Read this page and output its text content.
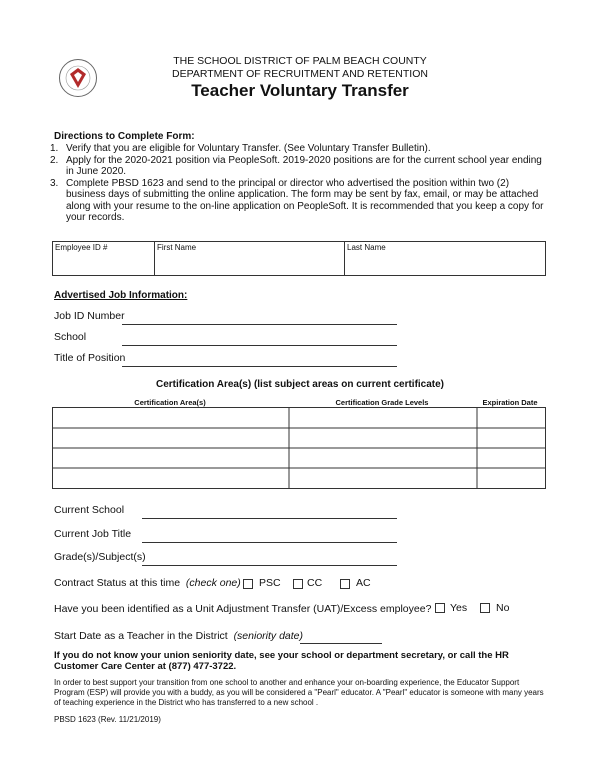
THE SCHOOL DISTRICT OF PALM BEACH COUNTY
DEPARTMENT OF RECRUITMENT AND RETENTION
Teacher Voluntary Transfer
Directions to Complete Form:
1. Verify that you are eligible for Voluntary Transfer. (See Voluntary Transfer Bulletin).
2. Apply for the 2020-2021 position via PeopleSoft. 2019-2020 positions are for the current school year ending in June 2020.
3. Complete PBSD 1623 and send to the principal or director who advertised the position within two (2) business days of submitting the online application. The form may be sent by fax, email, or may be attached along with your resume to the on-line application on PeopleSoft. It is recommended that you keep a copy for your records.
Employee ID #	First Name	Last Name
Advertised Job Information:
Job ID Number
School
Title of Position
Certification Area(s) (list subject areas on current certificate)
Certification Area(s)	Certification Grade Levels	Expiration Date
Current School
Current Job Title
Grade(s)/Subject(s)
Contract Status at this time (check one) PSC	CC	AC
Have you been identified as a Unit Adjustment Transfer (UAT)/Excess employee? Yes	No
Start Date as a Teacher in the District (seniority date)
If you do not know your union seniority date, see your school or department secretary, or call the HR Customer Care Center at (877) 477-3722.
In order to best support your transition from one school to another and enhance your on-boarding experience, the Educator Support Program (ESP) will provide you with a buddy, as you will be considered a "Pearl" educator. A "Pearl" educator is someone with many years of teaching experience in the District who has transferred to a new school .
PBSD 1623 (Rev. 11/21/2019)
